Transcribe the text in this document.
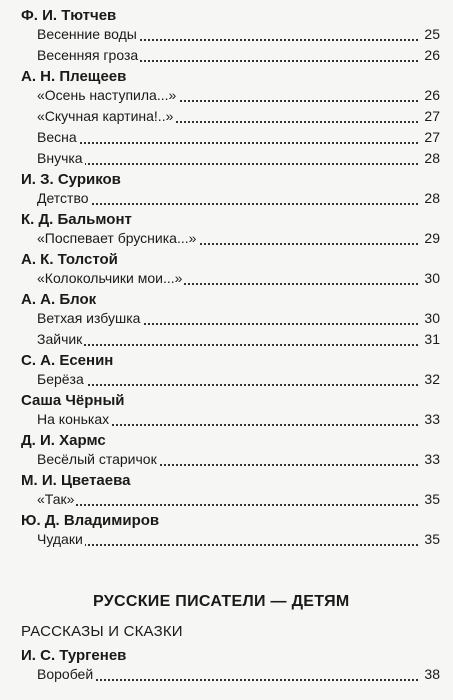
Ф. И. Тютчев
Весенние воды	25
Весенняя гроза	26
А. Н. Плещеев
«Осень наступила...»	26
«Скучная картина!..»	27
Весна	27
Внучка	28
И. З. Суриков
Детство	28
К. Д. Бальмонт
«Поспевает брусника...»	29
А. К. Толстой
«Колокольчики мои...»	30
А. А. Блок
Ветхая избушка	30
Зайчик	31
С. А. Есенин
Берёза	32
Саша Чёрный
На коньках	33
Д. И. Хармс
Весёлый старичок	33
М. И. Цветаева
«Так»	35
Ю. Д. Владимиров
Чудаки	35
РУССКИЕ ПИСАТЕЛИ — ДЕТЯМ
РАССКАЗЫ И СКАЗКИ
И. С. Тургенев
Воробей	38
